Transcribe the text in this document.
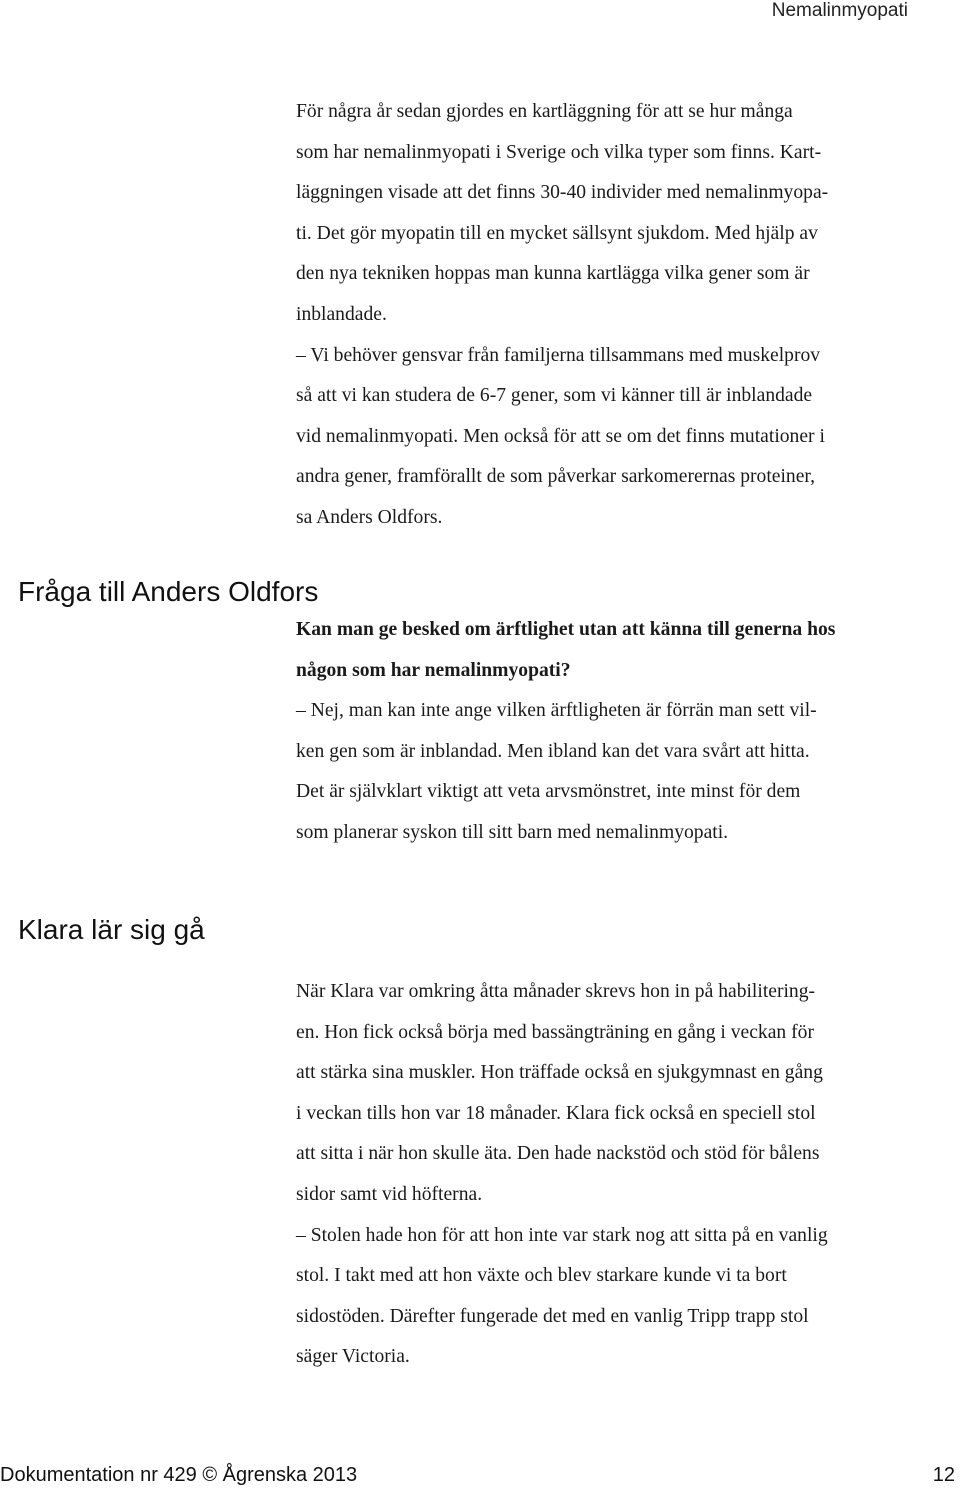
Nemalinmyopati
För några år sedan gjordes en kartläggning för att se hur många
som har nemalinmyopati i Sverige och vilka typer som finns. Kart-
läggningen visade att det finns 30-40 individer med nemalinmyopa-
ti. Det gör myopatin till en mycket sällsynt sjukdom. Med hjälp av
den nya tekniken hoppas man kunna kartlägga vilka gener som är
inblandade.
– Vi behöver gensvar från familjerna tillsammans med muskelprov
så att vi kan studera de 6-7 gener, som vi känner till är inblandade
vid nemalinmyopati. Men också för att se om det finns mutationer i
andra gener, framförallt de som påverkar sarkomerernas proteiner,
sa Anders Oldfors.
Fråga till Anders Oldfors
Kan man ge besked om ärftlighet utan att känna till generna hos
någon som har nemalinmyopati?
– Nej, man kan inte ange vilken ärftligheten är förrän man sett vil-
ken gen som är inblandad. Men ibland kan det vara svårt att hitta.
Det är självklart viktigt att veta arvsmönstret, inte minst för dem
som planerar syskon till sitt barn med nemalinmyopati.
Klara lär sig gå
När Klara var omkring åtta månader skrevs hon in på habilitering-
en. Hon fick också börja med bassängträning en gång i veckan för
att stärka sina muskler. Hon träffade också en sjukgymnast en gång
i veckan tills hon var 18 månader. Klara fick också en speciell stol
att sitta i när hon skulle äta. Den hade nackstöd och stöd för bålens
sidor samt vid höfterna.
– Stolen hade hon för att hon inte var stark nog att sitta på en vanlig
stol. I takt med att hon växte och blev starkare kunde vi ta bort
sidostöden. Därefter fungerade det med en vanlig Tripp trapp stol
säger Victoria.
Dokumentation nr 429 © Ågrenska 2013	12
